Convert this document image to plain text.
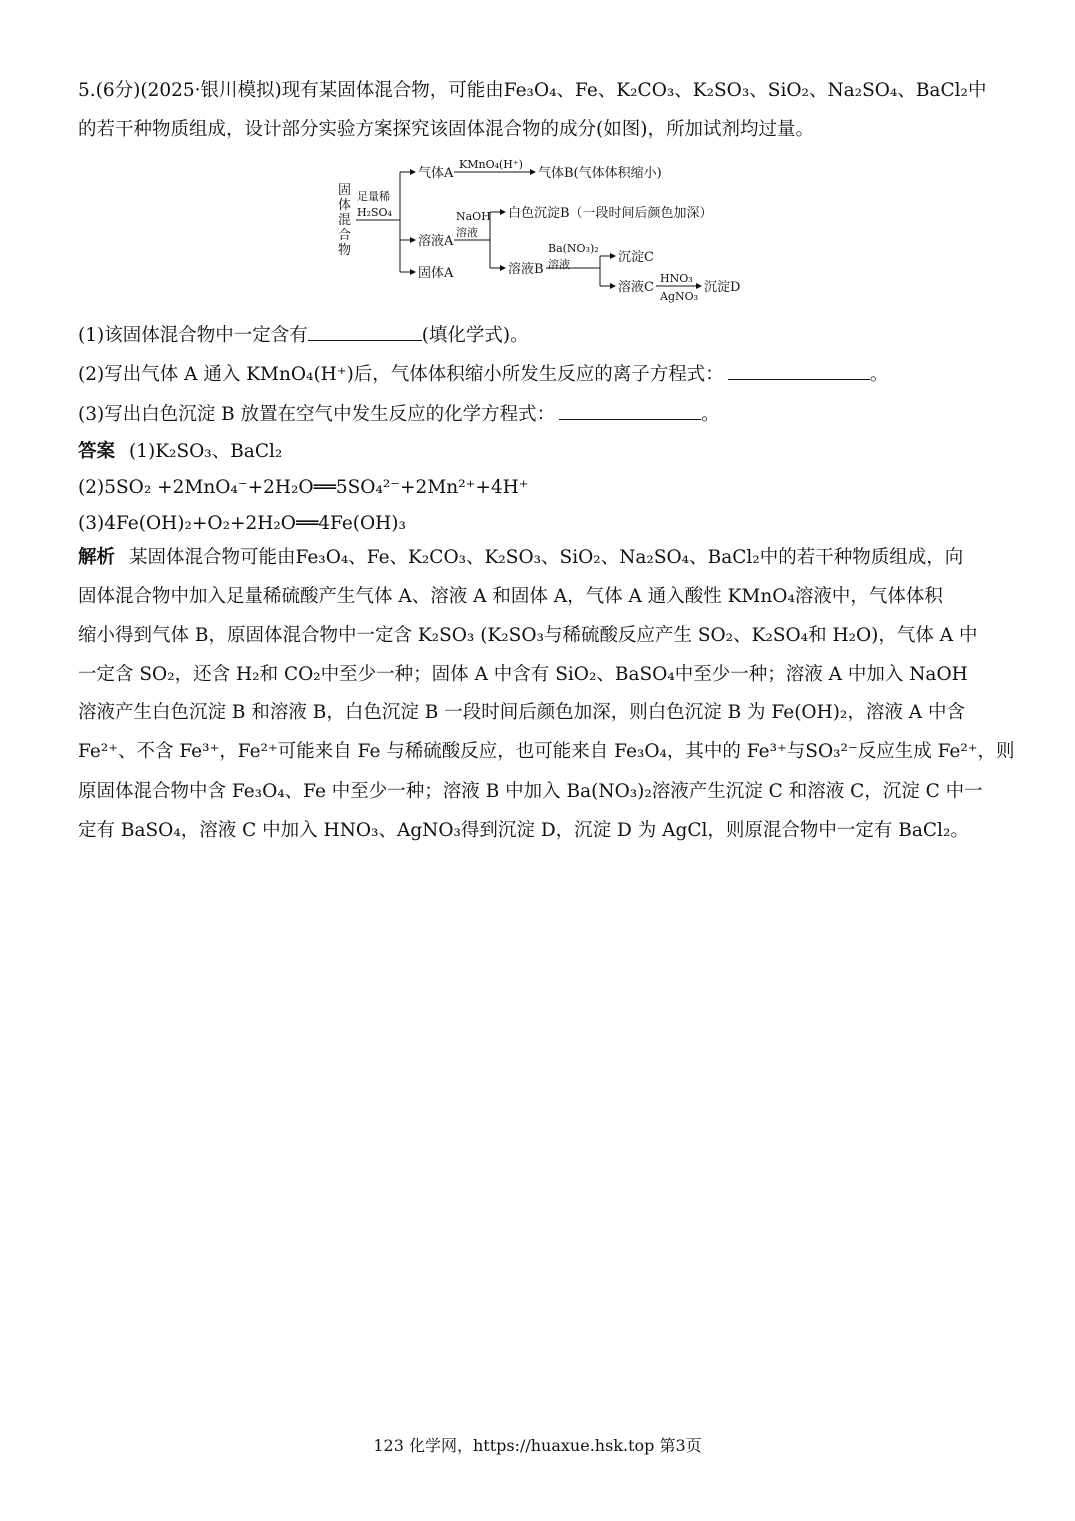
5.(6分)(2025·银川模拟)现有某固体混合物，可能由Fe₃O₄、Fe、K₂CO₃、K₂SO₃、SiO₂、Na₂SO₄、BaCl₂中
的若干种物质组成，设计部分实验方案探究该固体混合物的成分(如图)，所加试剂均过量。
固
体
混
合
物
足量稀
H₂SO₄
KMnO₄(H⁺)
NaOH
溶液
Ba(NO₃)₂
溶液
HNO₃
AgNO₃
气体A	气体B(气体体积缩小)
溶液A
白色沉淀B（一段时间后颜色加深）
溶液B
沉淀C
溶液C	沉淀D
固体A
(1)该固体混合物中一定含有	(填化学式)。
(2)写出气体 A 通入 KMnO₄(H⁺)后，气体体积缩小所发生反应的离子方程式：	。
(3)写出白色沉淀 B 放置在空气中发生反应的化学方程式：	。
答案 (1)K₂SO₃、BaCl₂
(2)5SO₂ +2MnO₄⁻+2H₂O══5SO₄²⁻+2Mn²⁺+4H⁺
(3)4Fe(OH)₂+O₂+2H₂O══4Fe(OH)₃
解析 某固体混合物可能由Fe₃O₄、Fe、K₂CO₃、K₂SO₃、SiO₂、Na₂SO₄、BaCl₂中的若干种物质组成，向
固体混合物中加入足量稀硫酸产生气体 A、溶液 A 和固体 A，气体 A 通入酸性 KMnO₄溶液中，气体体积
缩小得到气体 B，原固体混合物中一定含 K₂SO₃ (K₂SO₃与稀硫酸反应产生 SO₂、K₂SO₄和 H₂O)，气体 A 中
一定含 SO₂，还含 H₂和 CO₂中至少一种；固体 A 中含有 SiO₂、BaSO₄中至少一种；溶液 A 中加入 NaOH
溶液产生白色沉淀 B 和溶液 B，白色沉淀 B 一段时间后颜色加深，则白色沉淀 B 为 Fe(OH)₂，溶液 A 中含
Fe²⁺、不含 Fe³⁺，Fe²⁺可能来自 Fe 与稀硫酸反应，也可能来自 Fe₃O₄，其中的 Fe³⁺与SO₃²⁻反应生成 Fe²⁺，则
原固体混合物中含 Fe₃O₄、Fe 中至少一种；溶液 B 中加入 Ba(NO₃)₂溶液产生沉淀 C 和溶液 C，沉淀 C 中一
定有 BaSO₄，溶液 C 中加入 HNO₃、AgNO₃得到沉淀 D，沉淀 D 为 AgCl，则原混合物中一定有 BaCl₂。
123 化学网，https://huaxue.hsk.top 第3页
